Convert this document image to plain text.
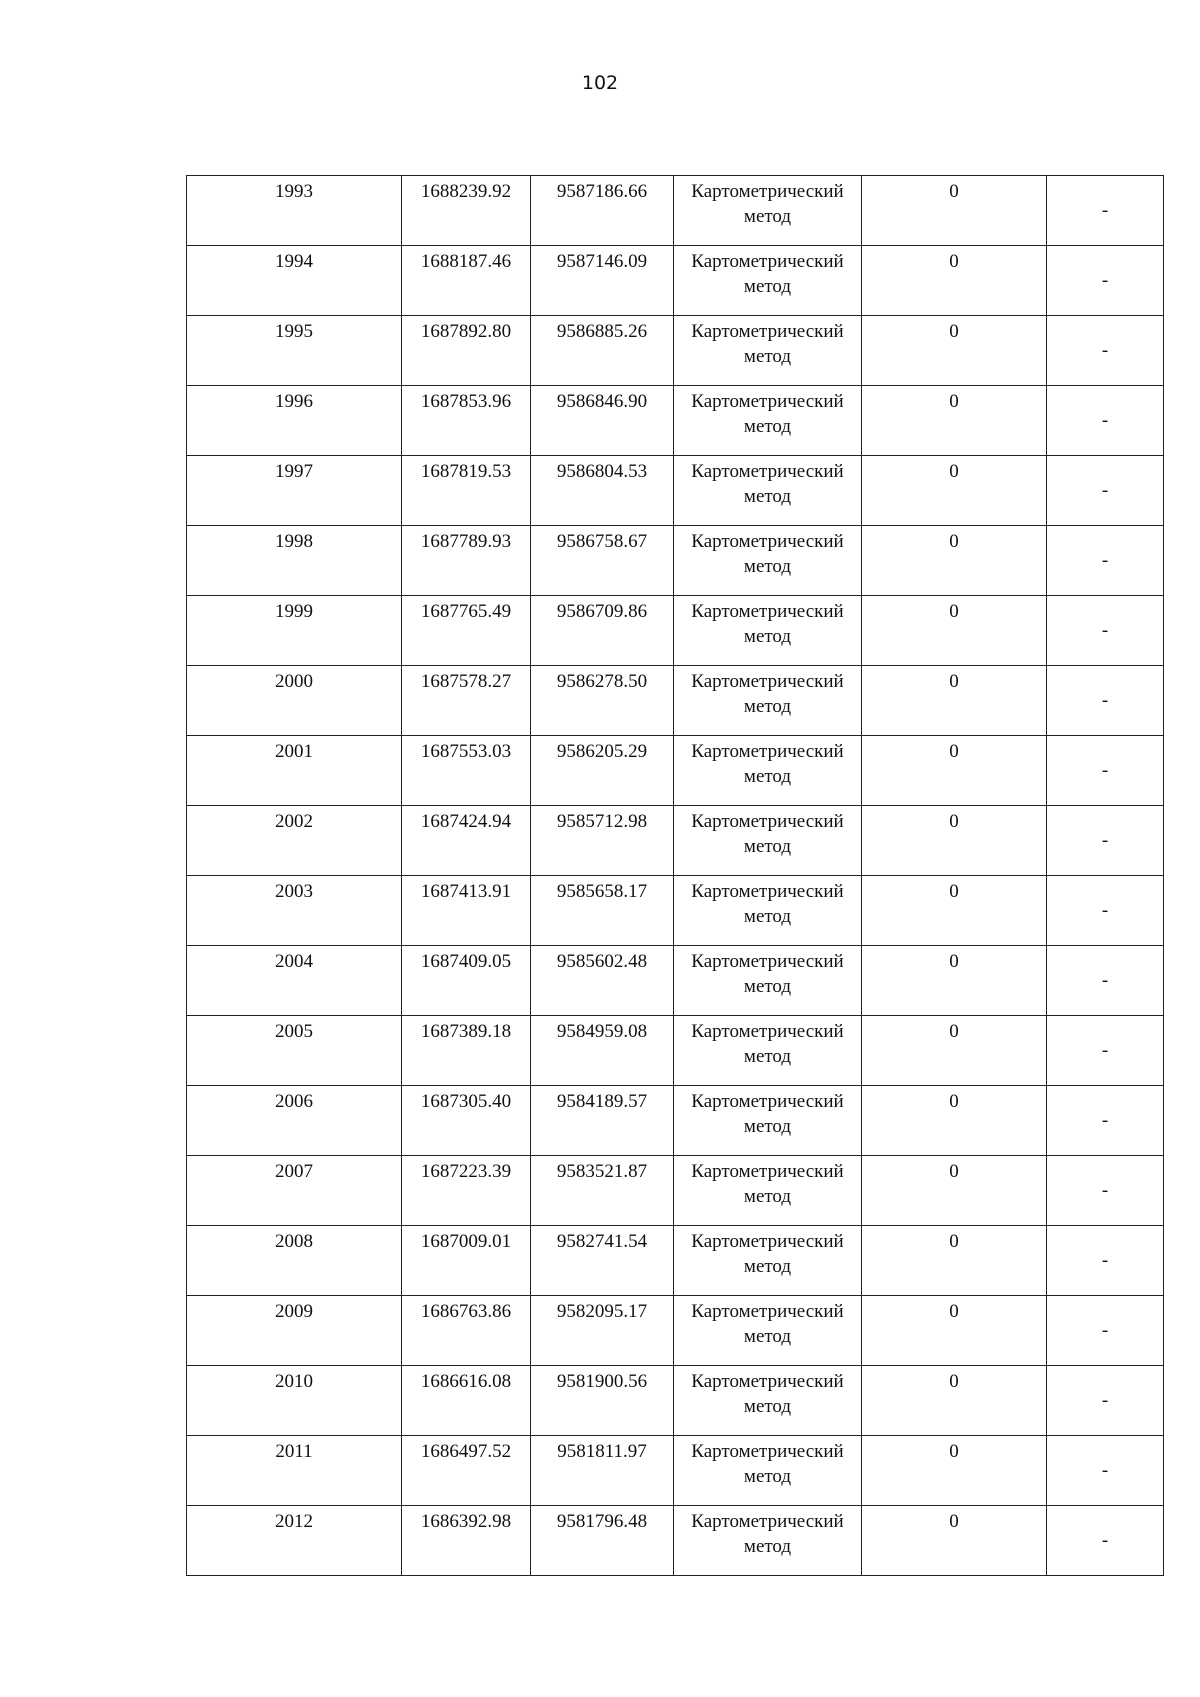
102
1993	1688239.92	9587186.66	Картометрический метод	0	-
1994	1688187.46	9587146.09	Картометрический метод	0	-
1995	1687892.80	9586885.26	Картометрический метод	0	-
1996	1687853.96	9586846.90	Картометрический метод	0	-
1997	1687819.53	9586804.53	Картометрический метод	0	-
1998	1687789.93	9586758.67	Картометрический метод	0	-
1999	1687765.49	9586709.86	Картометрический метод	0	-
2000	1687578.27	9586278.50	Картометрический метод	0	-
2001	1687553.03	9586205.29	Картометрический метод	0	-
2002	1687424.94	9585712.98	Картометрический метод	0	-
2003	1687413.91	9585658.17	Картометрический метод	0	-
2004	1687409.05	9585602.48	Картометрический метод	0	-
2005	1687389.18	9584959.08	Картометрический метод	0	-
2006	1687305.40	9584189.57	Картометрический метод	0	-
2007	1687223.39	9583521.87	Картометрический метод	0	-
2008	1687009.01	9582741.54	Картометрический метод	0	-
2009	1686763.86	9582095.17	Картометрический метод	0	-
2010	1686616.08	9581900.56	Картометрический метод	0	-
2011	1686497.52	9581811.97	Картометрический метод	0	-
2012	1686392.98	9581796.48	Картометрический метод	0	-
